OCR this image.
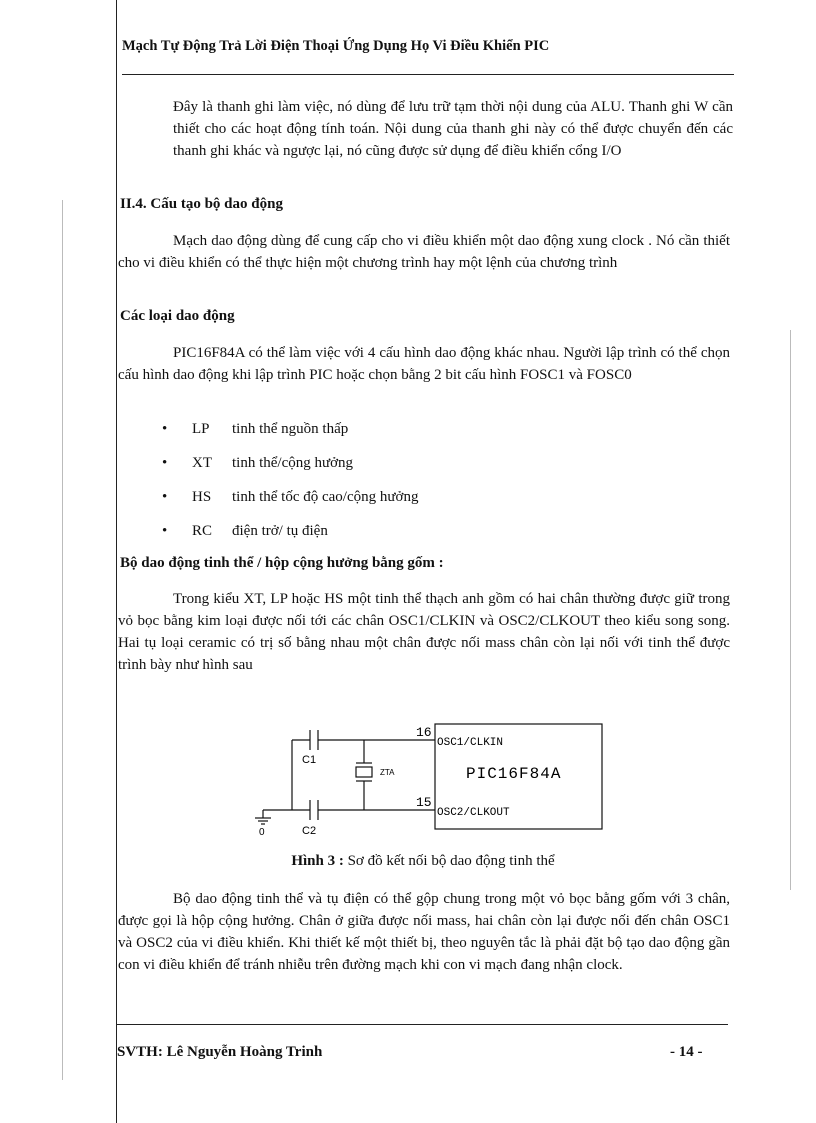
Mạch Tự Động Trả Lời Điện Thoại Ứng Dụng Họ Vi Điều Khiển PIC
Đây là thanh ghi làm việc, nó dùng để lưu trữ tạm thời nội dung của ALU. Thanh ghi W cần thiết cho các hoạt động tính toán. Nội dung của thanh ghi này có thể được chuyển đến các thanh ghi khác và ngược lại, nó cũng được sử dụng để điều khiển cổng I/O
II.4. Cấu tạo bộ dao động
Mạch dao động dùng để cung cấp cho vi điều khiển một dao động xung clock . Nó cần thiết cho vi điều khiển có thể thực hiện một chương trình hay một lệnh của chương trình
Các loại dao động
PIC16F84A có thể làm việc với 4 cấu hình dao động khác nhau. Người lập trình có thể chọn cấu hình dao động khi lập trình PIC hoặc chọn bằng 2 bit cấu hình FOSC1 và FOSC0
• LP tinh thể nguồn thấp
• XT tinh thể/cộng hưởng
• HS tinh thể tốc độ cao/cộng hưởng
• RC điện trở/ tụ điện
Bộ dao động tinh thể / hộp cộng hưởng bằng gốm :
Trong kiểu XT, LP hoặc HS một tinh thể thạch anh gồm có hai chân thường được giữ trong vỏ bọc bằng kim loại được nối tới các chân OSC1/CLKIN và OSC2/CLKOUT theo kiểu song song. Hai tụ loại ceramic có trị số bằng nhau một chân được nối mass chân còn lại nối với tinh thể được trình bày như hình sau
C1
C2
ZTA
0
16
OSC1/CLKIN
15
OSC2/CLKOUT
PIC16F84A
Hình 3 : Sơ đồ kết nối bộ dao động tinh thể
Bộ dao động tinh thể và tụ điện có thể gộp chung trong một vỏ bọc bằng gốm với 3 chân, được gọi là hộp cộng hưởng. Chân ở giữa được nối mass, hai chân còn lại được nối đến chân OSC1 và OSC2 của vi điều khiển. Khi thiết kế một thiết bị, theo nguyên tắc là phải đặt bộ tạo dao động gần con vi điều khiển để tránh nhiễu trên đường mạch khi con vi mạch đang nhận clock.
SVTH: Lê Nguyễn Hoàng Trinh	- 14 -
